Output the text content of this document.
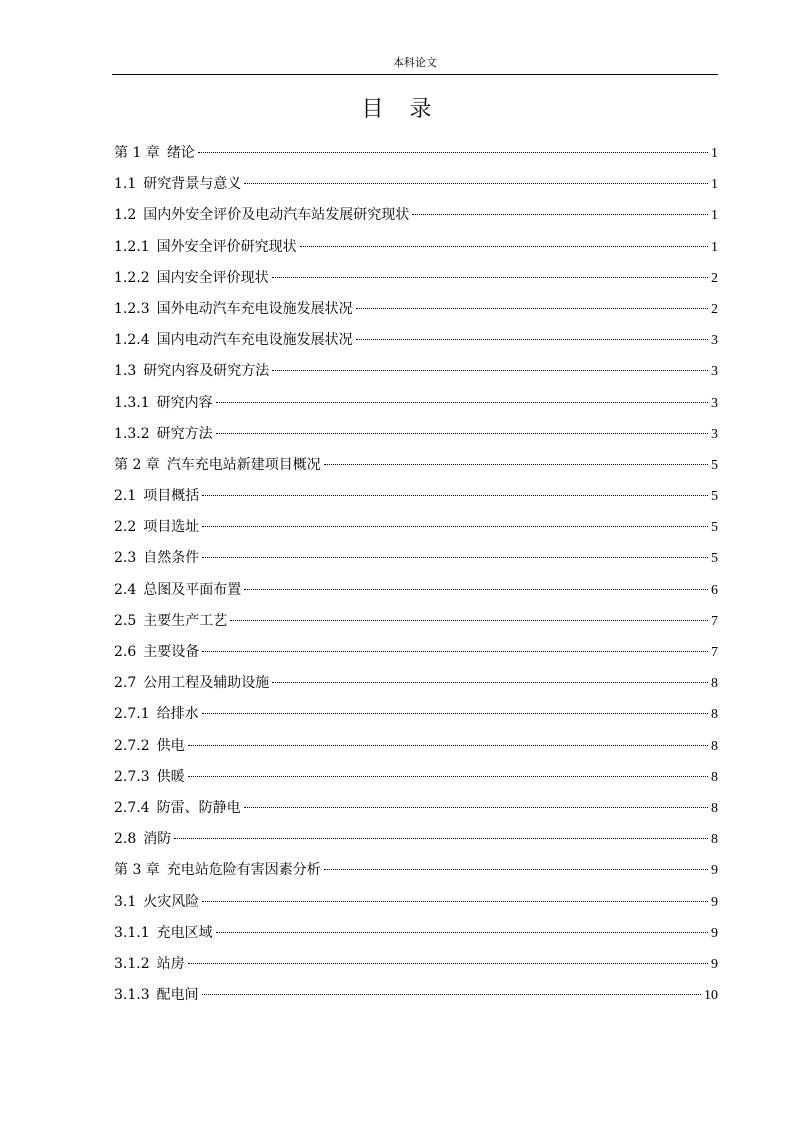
本科论文
目录
第 1 章 绪论	1
1.1 研究背景与意义	1
1.2 国内外安全评价及电动汽车站发展研究现状	1
1.2.1 国外安全评价研究现状	1
1.2.2 国内安全评价现状	2
1.2.3 国外电动汽车充电设施发展状况	2
1.2.4 国内电动汽车充电设施发展状况	3
1.3 研究内容及研究方法	3
1.3.1 研究内容	3
1.3.2 研究方法	3
第 2 章 汽车充电站新建项目概况	5
2.1 项目概括	5
2.2 项目选址	5
2.3 自然条件	5
2.4 总图及平面布置	6
2.5 主要生产工艺	7
2.6 主要设备	7
2.7 公用工程及辅助设施	8
2.7.1 给排水	8
2.7.2 供电	8
2.7.3 供暖	8
2.7.4 防雷、防静电	8
2.8 消防	8
第 3 章 充电站危险有害因素分析	9
3.1 火灾风险	9
3.1.1 充电区域	9
3.1.2 站房	9
3.1.3 配电间	10
